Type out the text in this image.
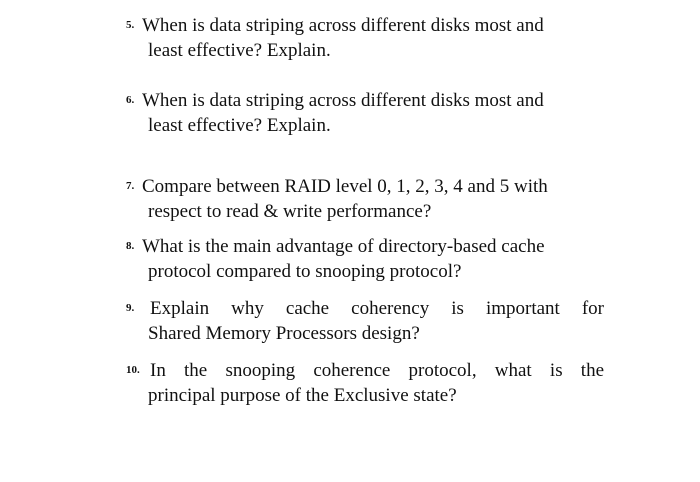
5. When is data striping across different disks most and
least effective? Explain.
6. When is data striping across different disks most and
least effective? Explain.
7. Compare between RAID level 0, 1, 2, 3, 4 and 5 with
respect to read & write performance?
8. What is the main advantage of directory-based cache
protocol compared to snooping protocol?
9. Explain why cache coherency is important for
Shared Memory Processors design?
10. In the snooping coherence protocol, what is the
principal purpose of the Exclusive state?
